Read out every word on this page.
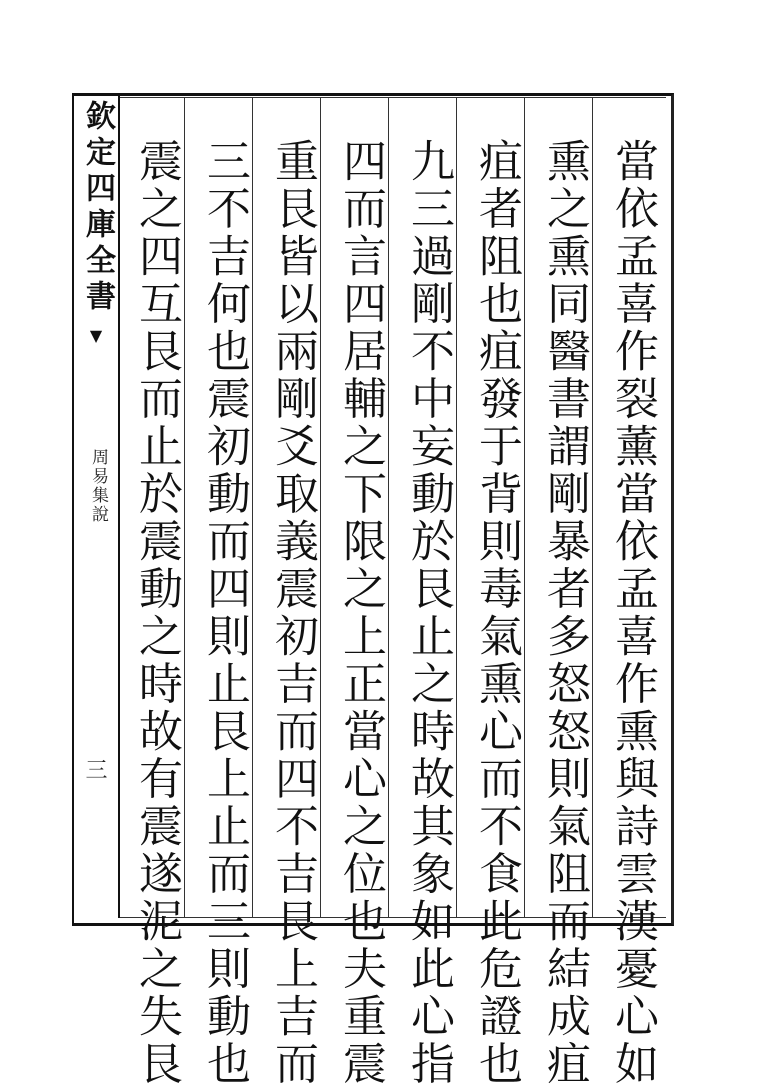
欽定四庫全書
▼
周易集說
三	當依孟喜作裂薰當依孟喜作熏與詩雲漢憂心如
熏之熏同醫書謂剛暴者多怒怒則氣阻而結成疽
疽者阻也疽發于背則毒氣熏心而不食此危證也
九三過剛不中妄動於艮止之時故其象如此心指
四而言四居輔之下限之上正當心之位也夫重震
重艮皆以兩剛爻取義震初吉而四不吉艮上吉而
三不吉何也震初動而四則止艮上止而三則動也
震之四互艮而止於震動之時故有震遂泥之失艮
